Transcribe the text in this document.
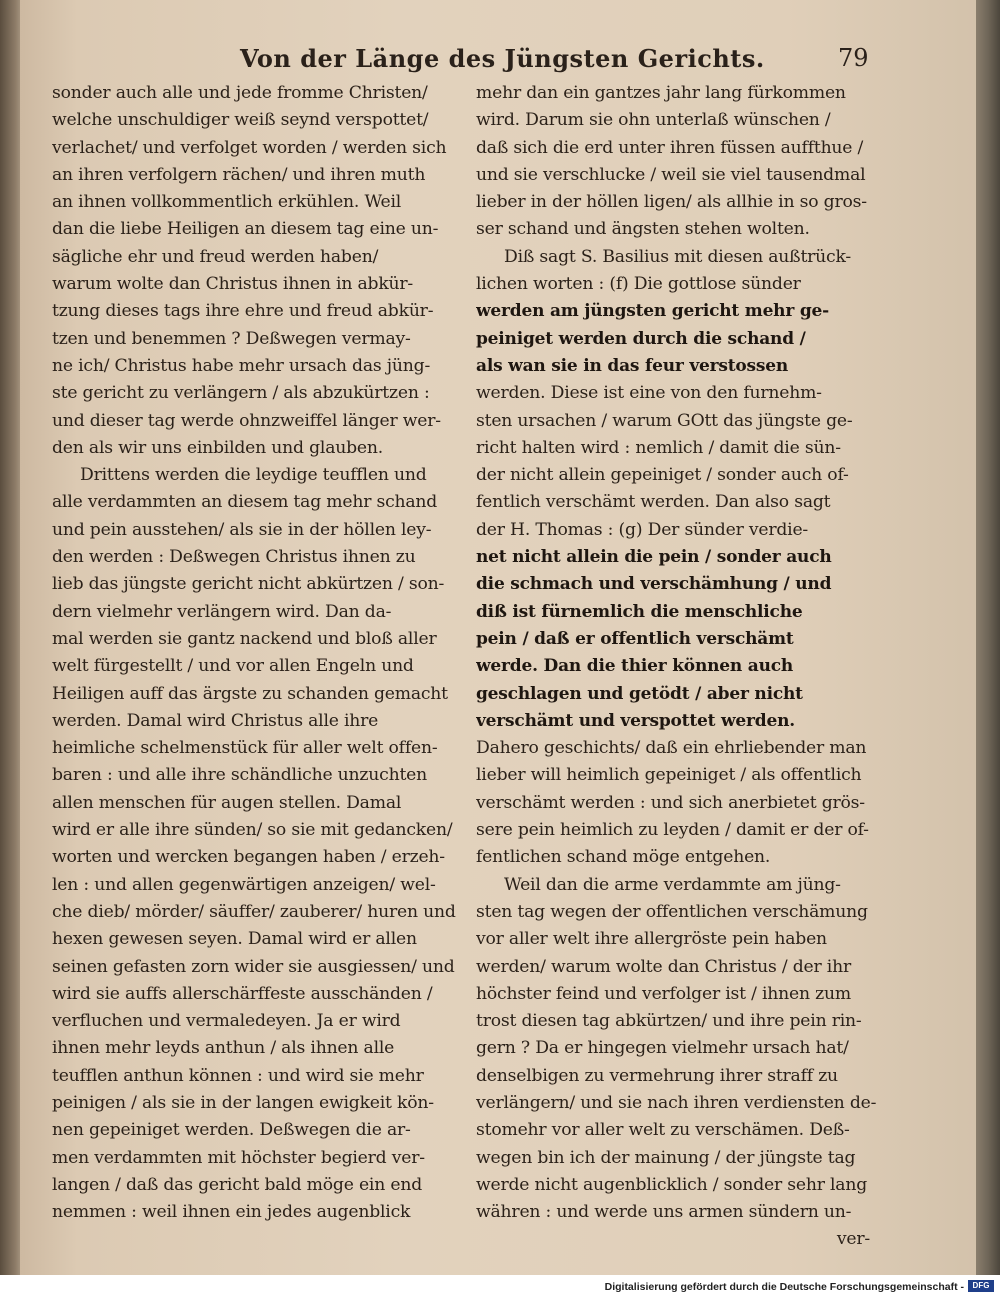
Von der Länge des Jüngsten Gerichts.	79
sonder auch alle und jede fromme Christen/
welche unschuldiger weiß seynd verspottet/
verlachet/ und verfolget worden / werden sich
an ihren verfolgern rächen/ und ihren muth
an ihnen vollkommentlich erkühlen. Weil
dan die liebe Heiligen an diesem tag eine un-
sägliche ehr und freud werden haben/
warum wolte dan Christus ihnen in abkür-
tzung dieses tags ihre ehre und freud abkür-
tzen und benemmen ? Deßwegen vermay-
ne ich/ Christus habe mehr ursach das jüng-
ste gericht zu verlängern / als abzukürtzen :
und dieser tag werde ohnzweiffel länger wer-
den als wir uns einbilden und glauben.
Drittens werden die leydige teufflen und
alle verdammten an diesem tag mehr schand
und pein ausstehen/ als sie in der höllen ley-
den werden : Deßwegen Christus ihnen zu
lieb das jüngste gericht nicht abkürtzen / son-
dern vielmehr verlängern wird. Dan da-
mal werden sie gantz nackend und bloß aller
welt fürgestellt / und vor allen Engeln und
Heiligen auff das ärgste zu schanden gemacht
werden. Damal wird Christus alle ihre
heimliche schelmenstück für aller welt offen-
baren : und alle ihre schändliche unzuchten
allen menschen für augen stellen. Damal
wird er alle ihre sünden/ so sie mit gedancken/
worten und wercken begangen haben / erzeh-
len : und allen gegenwärtigen anzeigen/ wel-
che dieb/ mörder/ säuffer/ zauberer/ huren und
hexen gewesen seyen. Damal wird er allen
seinen gefasten zorn wider sie ausgiessen/ und
wird sie auffs allerschärffeste ausschänden /
verfluchen und vermaledeyen. Ja er wird
ihnen mehr leyds anthun / als ihnen alle
teufflen anthun können : und wird sie mehr
peinigen / als sie in der langen ewigkeit kön-
nen gepeiniget werden. Deßwegen die ar-
men verdammten mit höchster begierd ver-
langen / daß das gericht bald möge ein end
nemmen : weil ihnen ein jedes augenblick
mehr dan ein gantzes jahr lang fürkommen
wird. Darum sie ohn unterlaß wünschen /
daß sich die erd unter ihren füssen auffthue /
und sie verschlucke / weil sie viel tausendmal
lieber in der höllen ligen/ als allhie in so gros-
ser schand und ängsten stehen wolten.
Diß sagt S. Basilius mit diesen außtrück-
lichen worten : (f) Die gottlose sünder
werden am jüngsten gericht mehr ge-
peiniget werden durch die schand /
als wan sie in das feur verstossen
werden. Diese ist eine von den furnehm-
sten ursachen / warum GOtt das jüngste ge-
richt halten wird : nemlich / damit die sün-
der nicht allein gepeiniget / sonder auch of-
fentlich verschämt werden. Dan also sagt
der H. Thomas : (g) Der sünder verdie-
net nicht allein die pein / sonder auch
die schmach und verschämhung / und
diß ist fürnemlich die menschliche
pein / daß er offentlich verschämt
werde. Dan die thier können auch
geschlagen und getödt / aber nicht
verschämt und verspottet werden.
Dahero geschichts/ daß ein ehrliebender man
lieber will heimlich gepeiniget / als offentlich
verschämt werden : und sich anerbietet grös-
sere pein heimlich zu leyden / damit er der of-
fentlichen schand möge entgehen.
Weil dan die arme verdammte am jüng-
sten tag wegen der offentlichen verschämung
vor aller welt ihre allergröste pein haben
werden/ warum wolte dan Christus / der ihr
höchster feind und verfolger ist / ihnen zum
trost diesen tag abkürtzen/ und ihre pein rin-
gern ? Da er hingegen vielmehr ursach hat/
denselbigen zu vermehrung ihrer straff zu
verlängern/ und sie nach ihren verdiensten de-
stomehr vor aller welt zu verschämen. Deß-
wegen bin ich der mainung / der jüngste tag
werde nicht augenblicklich / sonder sehr lang
währen : und werde uns armen sündern un-
ver-
Digitalisierung gefördert durch die Deutsche Forschungsgemeinschaft -	DFG
